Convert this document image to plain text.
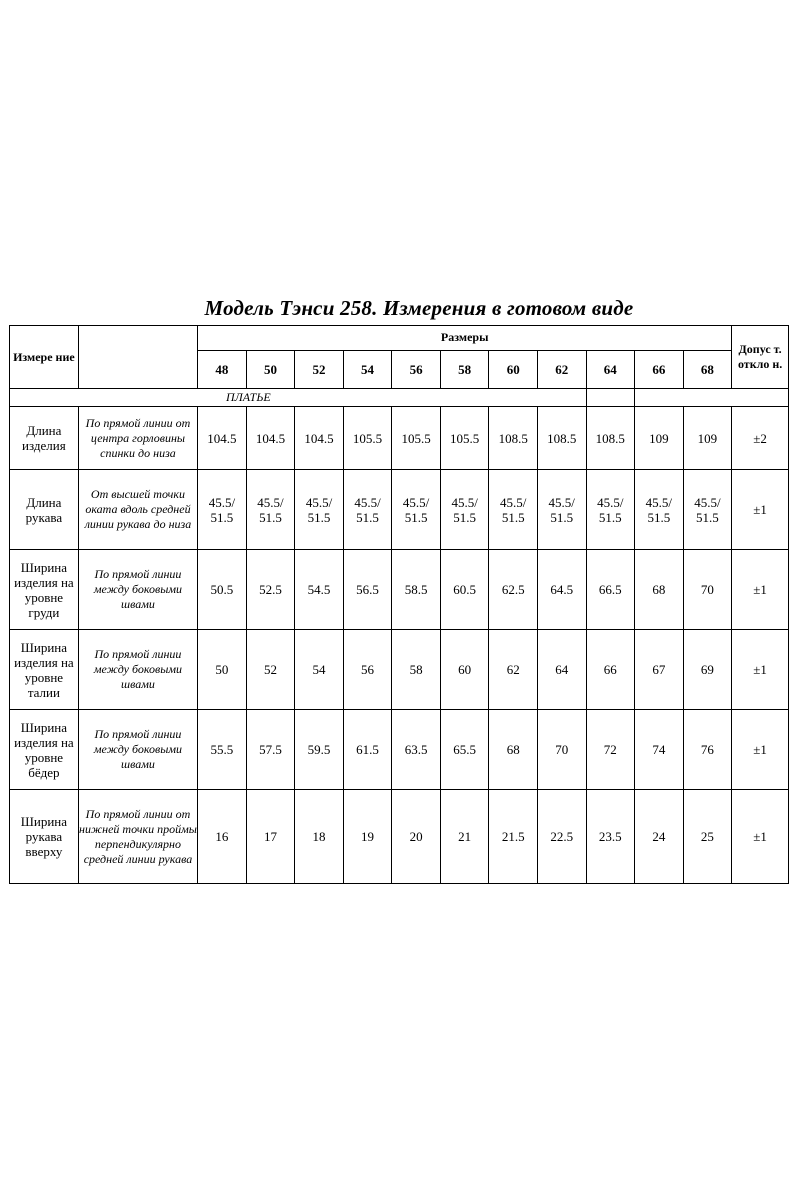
Модель Тэнси 258. Измерения в готовом виде
Измере ние		Размеры											Допус т. откло н.
		48	50	52	54	56	58	60	62	64	66	68	
ПЛАТЬЕ													
Длина изделия	По прямой линии от центра горловины спинки до низа	104.5	104.5	104.5	105.5	105.5	105.5	108.5	108.5	108.5	109	109	±2
Длина рукава	От высшей точки оката вдоль средней линии рукава до низа	45.5/ 51.5	45.5/ 51.5	45.5/ 51.5	45.5/ 51.5	45.5/ 51.5	45.5/ 51.5	45.5/ 51.5	45.5/ 51.5	45.5/ 51.5	45.5/ 51.5	45.5/ 51.5	±1
Ширина изделия на уровне груди	По прямой линии между боковыми швами	50.5	52.5	54.5	56.5	58.5	60.5	62.5	64.5	66.5	68	70	±1
Ширина изделия на уровне талии	По прямой линии между боковыми швами	50	52	54	56	58	60	62	64	66	67	69	±1
Ширина изделия на уровне бёдер	По прямой линии между боковыми швами	55.5	57.5	59.5	61.5	63.5	65.5	68	70	72	74	76	±1
Ширина рукава вверху	По прямой линии от нижней точки проймы перпендикулярно средней линии рукава	16	17	18	19	20	21	21.5	22.5	23.5	24	25	±1
